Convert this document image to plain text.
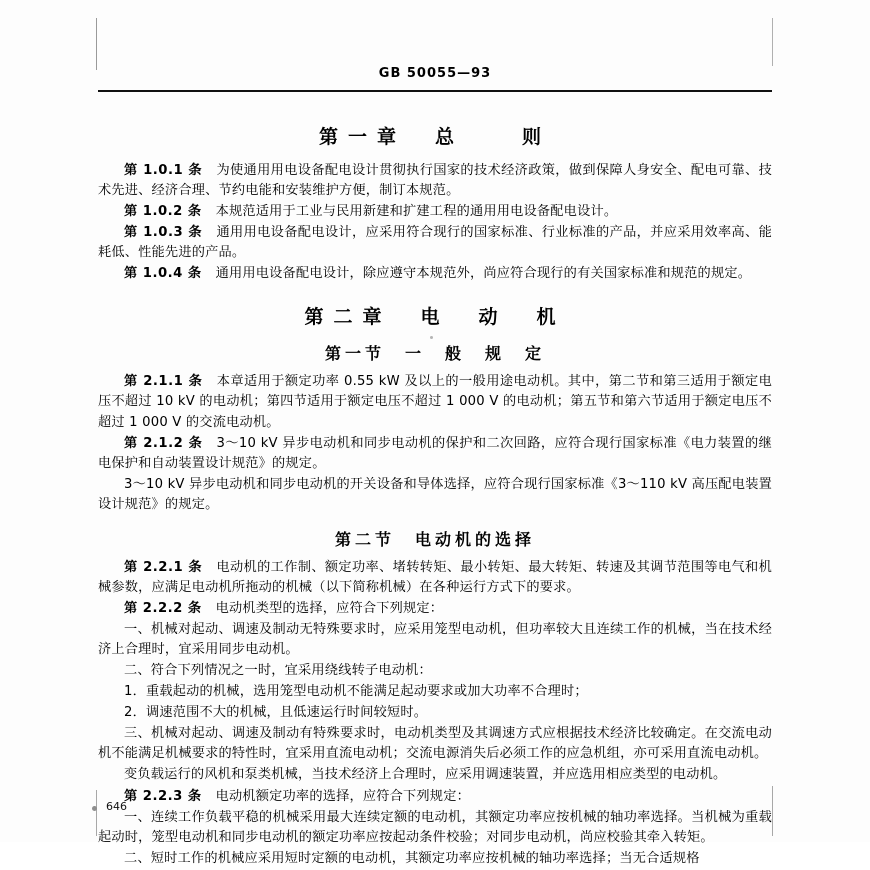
GB 50055—93
第一章　总　　则

第 1.0.1 条 为使通用用电设备配电设计贯彻执行国家的技术经济政策，做到保障人身安全、配电可靠、技术先进、经济合理、节约电能和安装维护方便，制订本规范。

第 1.0.2 条 本规范适用于工业与民用新建和扩建工程的通用用电设备配电设计。

第 1.0.3 条 通用用电设备配电设计，应采用符合现行的国家标准、行业标准的产品，并应采用效率高、能耗低、性能先进的产品。

第 1.0.4 条 通用用电设备配电设计，除应遵守本规范外，尚应符合现行的有关国家标准和规范的规定。

第二章　电　动　机
第一节　一　般　规　定

第 2.1.1 条 本章适用于额定功率 0.55 kW 及以上的一般用途电动机。其中，第二节和第三适用于额定电压不超过 10 kV 的电动机；第四节适用于额定电压不超过 1 000 V 的电动机；第五节和第六节适用于额定电压不超过 1 000 V 的交流电动机。

第 2.1.2 条 3～10 kV 异步电动机和同步电动机的保护和二次回路，应符合现行国家标准《电力装置的继电保护和自动装置设计规范》的规定。

3～10 kV 异步电动机和同步电动机的开关设备和导体选择，应符合现行国家标准《3～110 kV 高压配电装置设计规范》的规定。

第二节　电动机的选择

第 2.2.1 条 电动机的工作制、额定功率、堵转转矩、最小转矩、最大转矩、转速及其调节范围等电气和机械参数，应满足电动机所拖动的机械（以下简称机械）在各种运行方式下的要求。

第 2.2.2 条 电动机类型的选择，应符合下列规定：

一、机械对起动、调速及制动无特殊要求时，应采用笼型电动机，但功率较大且连续工作的机械，当在技术经济上合理时，宜采用同步电动机。

二、符合下列情况之一时，宜采用绕线转子电动机：

1．重载起动的机械，选用笼型电动机不能满足起动要求或加大功率不合理时；

2．调速范围不大的机械，且低速运行时间较短时。

三、机械对起动、调速及制动有特殊要求时，电动机类型及其调速方式应根据技术经济比较确定。在交流电动机不能满足机械要求的特性时，宜采用直流电动机；交流电源消失后必须工作的应急机组，亦可采用直流电动机。

变负载运行的风机和泵类机械，当技术经济上合理时，应采用调速装置，并应选用相应类型的电动机。

第 2.2.3 条 电动机额定功率的选择，应符合下列规定：

一、连续工作负载平稳的机械采用最大连续定额的电动机，其额定功率应按机械的轴功率选择。当机械为重载起动时，笼型电动机和同步电动机的额定功率应按起动条件校验；对同步电动机，尚应校验其牵入转矩。

二、短时工作的机械应采用短时定额的电动机，其额定功率应按机械的轴功率选择；当无合适规格

646
